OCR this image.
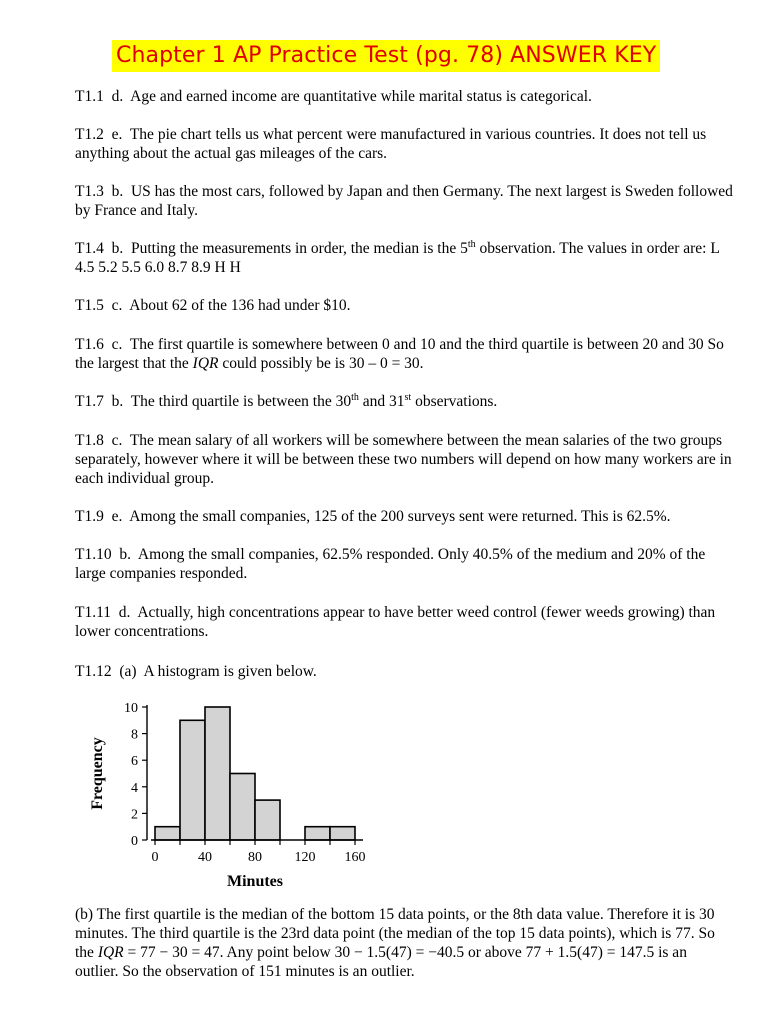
Chapter 1 AP Practice Test (pg. 78) ANSWER KEY
T1.1 d. Age and earned income are quantitative while marital status is categorical.
T1.2 e. The pie chart tells us what percent were manufactured in various countries. It does not tell us anything about the actual gas mileages of the cars.
T1.3 b. US has the most cars, followed by Japan and then Germany. The next largest is Sweden followed by France and Italy.
T1.4 b. Putting the measurements in order, the median is the 5th observation. The values in order are: L 4.5 5.2 5.5 6.0 8.7 8.9 H H
T1.5 c. About 62 of the 136 had under $10.
T1.6 c. The first quartile is somewhere between 0 and 10 and the third quartile is between 20 and 30 So the largest that the IQR could possibly be is 30 – 0 = 30.
T1.7 b. The third quartile is between the 30th and 31st observations.
T1.8 c. The mean salary of all workers will be somewhere between the mean salaries of the two groups separately, however where it will be between these two numbers will depend on how many workers are in each individual group.
T1.9 e. Among the small companies, 125 of the 200 surveys sent were returned. This is 62.5%.
T1.10 b. Among the small companies, 62.5% responded. Only 40.5% of the medium and 20% of the large companies responded.
T1.11 d. Actually, high concentrations appear to have better weed control (fewer weeds growing) than lower concentrations.
T1.12 (a) A histogram is given below.
0	40	80 120 160
0
2
4
6
8
10
Frequency
Minutes
(b) The first quartile is the median of the bottom 15 data points, or the 8th data value. Therefore it is 30 minutes. The third quartile is the 23rd data point (the median of the top 15 data points), which is 77. So the IQR = 77 − 30 = 47. Any point below 30 − 1.5(47) = −40.5 or above 77 + 1.5(47) = 147.5 is an outlier. So the observation of 151 minutes is an outlier.
